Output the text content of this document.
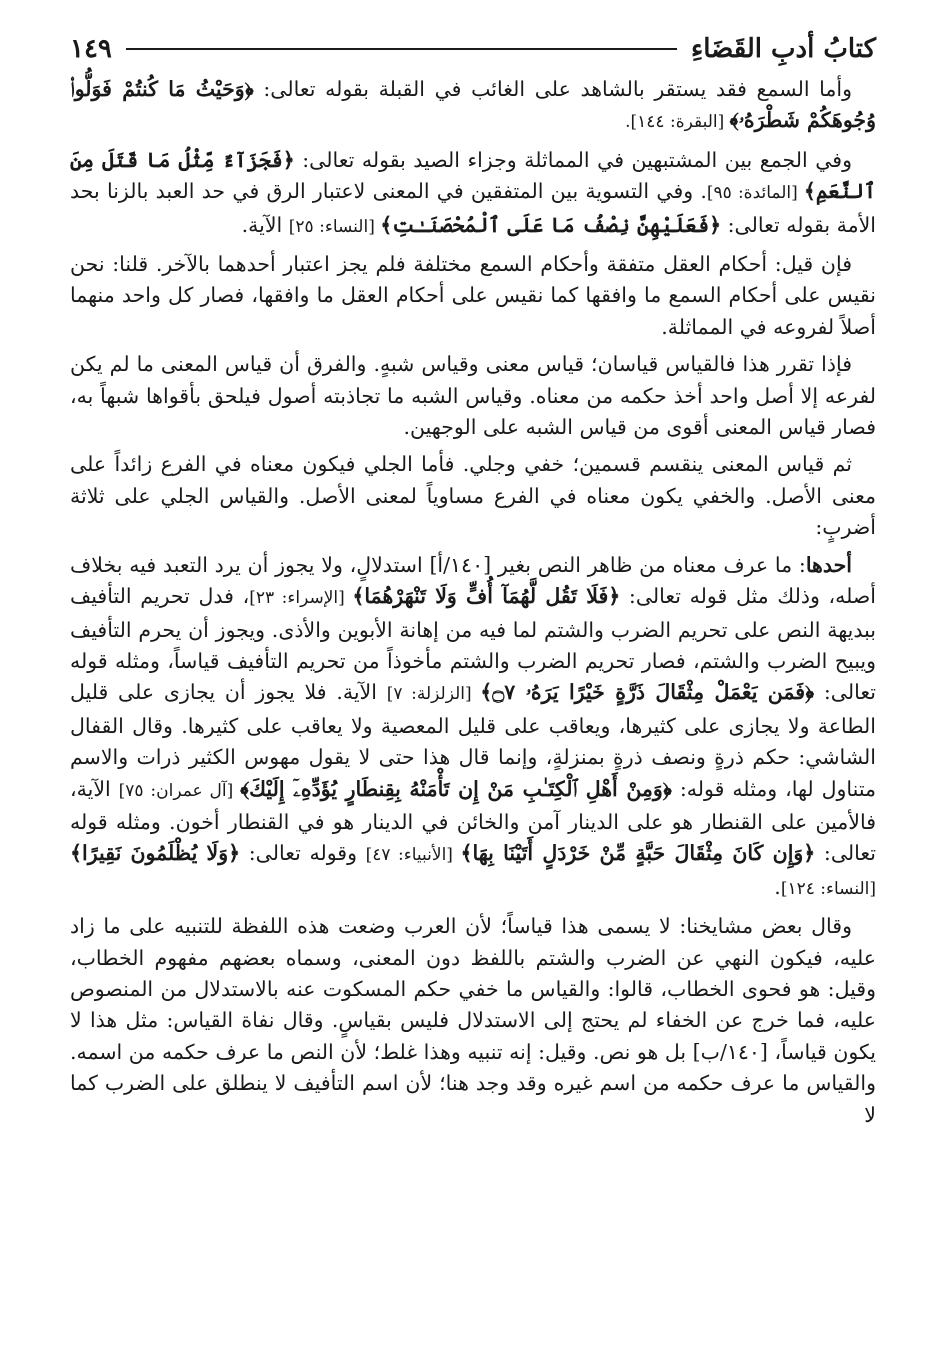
كتابُ أدبِ القَضَاءِ
١٤٩

وأما السمع فقد يستقر بالشاهد على الغائب في القبلة بقوله تعالى: ﴿وَحَيْثُ مَا كُنتُمْ فَوَلُّوا۟ وُجُوهَكُمْ شَطْرَهُۥ﴾ [البقرة: ١٤٤].

وفي الجمع بين المشتبهين في المماثلة وجزاء الصيد بقوله تعالى: ﴿فَجَزَآءٌ مِّثْلُ مَا قَتَلَ مِنَ ٱلنَّعَمِ﴾ [المائدة: ٩٥]. وفي التسوية بين المتفقين في المعنى لاعتبار الرق في حد العبد بالزنا بحد الأمة بقوله تعالى: ﴿فَعَلَيْهِنَّ نِصْفُ مَا عَلَى ٱلْمُحْصَنَـٰتِ﴾ [النساء: ٢٥] الآية.

فإن قيل: أحكام العقل متفقة وأحكام السمع مختلفة فلم يجز اعتبار أحدهما بالآخر. قلنا: نحن نقيس على أحكام السمع ما وافقها كما نقيس على أحكام العقل ما وافقها، فصار كل واحد منهما أصلاً لفروعه في المماثلة.

فإذا تقرر هذا فالقياس قياسان؛ قياس معنى وقياس شبهٍ. والفرق أن قياس المعنى ما لم يكن لفرعه إلا أصل واحد أخذ حكمه من معناه. وقياس الشبه ما تجاذبته أصول فيلحق بأقواها شبهاً به، فصار قياس المعنى أقوى من قياس الشبه على الوجهين.

ثم قياس المعنى ينقسم قسمين؛ خفي وجلي. فأما الجلي فيكون معناه في الفرع زائداً على معنى الأصل. والخفي يكون معناه في الفرع مساوياً لمعنى الأصل. والقياس الجلي على ثلاثة أضربٍ:

أحدها: ما عرف معناه من ظاهر النص بغير [١٤٠/أ] استدلالٍ، ولا يجوز أن يرد التعبد فيه بخلاف أصله، وذلك مثل قوله تعالى: ﴿فَلَا تَقُل لَّهُمَآ أُفٍّ وَلَا تَنْهَرْهُمَا﴾ [الإسراء: ٢٣]، فدل تحريم التأفيف ببديهة النص على تحريم الضرب والشتم لما فيه من إهانة الأبوين والأذى. ويجوز أن يحرم التأفيف ويبيح الضرب والشتم، فصار تحريم الضرب والشتم مأخوذاً من تحريم التأفيف قياساً، ومثله قوله تعالى: ﴿فَمَن يَعْمَلْ مِثْقَالَ ذَرَّةٍ خَيْرًا يَرَهُۥ ۝٧﴾ [الزلزلة: ٧] الآية. فلا يجوز أن يجازى على قليل الطاعة ولا يجازى على كثيرها، ويعاقب على قليل المعصية ولا يعاقب على كثيرها. وقال القفال الشاشي: حكم ذرةٍ ونصف ذرةٍ بمنزلةٍ، وإنما قال هذا حتى لا يقول مهوس الكثير ذرات والاسم متناول لها، ومثله قوله: ﴿وَمِنْ أَهْلِ ٱلْكِتَـٰبِ مَنْ إِن تَأْمَنْهُ بِقِنطَارٍ يُؤَدِّهِۦٓ إِلَيْكَ﴾ [آل عمران: ٧٥] الآية، فالأمين على القنطار هو على الدينار آمن والخائن في الدينار هو في القنطار أخون. ومثله قوله تعالى: ﴿وَإِن كَانَ مِثْقَالَ حَبَّةٍ مِّنْ خَرْدَلٍ أَتَيْنَا بِهَا﴾ [الأنبياء: ٤٧] وقوله تعالى: ﴿وَلَا يُظْلَمُونَ نَقِيرًا﴾ [النساء: ١٢٤].

وقال بعض مشايخنا: لا يسمى هذا قياساً؛ لأن العرب وضعت هذه اللفظة للتنبيه على ما زاد عليه، فيكون النهي عن الضرب والشتم باللفظ دون المعنى، وسماه بعضهم مفهوم الخطاب، وقيل: هو فحوى الخطاب، قالوا: والقياس ما خفي حكم المسكوت عنه بالاستدلال من المنصوص عليه، فما خرج عن الخفاء لم يحتج إلى الاستدلال فليس بقياسٍ. وقال نفاة القياس: مثل هذا لا يكون قياساً، [١٤٠/ب] بل هو نص. وقيل: إنه تنبيه وهذا غلط؛ لأن النص ما عرف حكمه من اسمه. والقياس ما عرف حكمه من اسم غيره وقد وجد هنا؛ لأن اسم التأفيف لا ينطلق على الضرب كما لا
